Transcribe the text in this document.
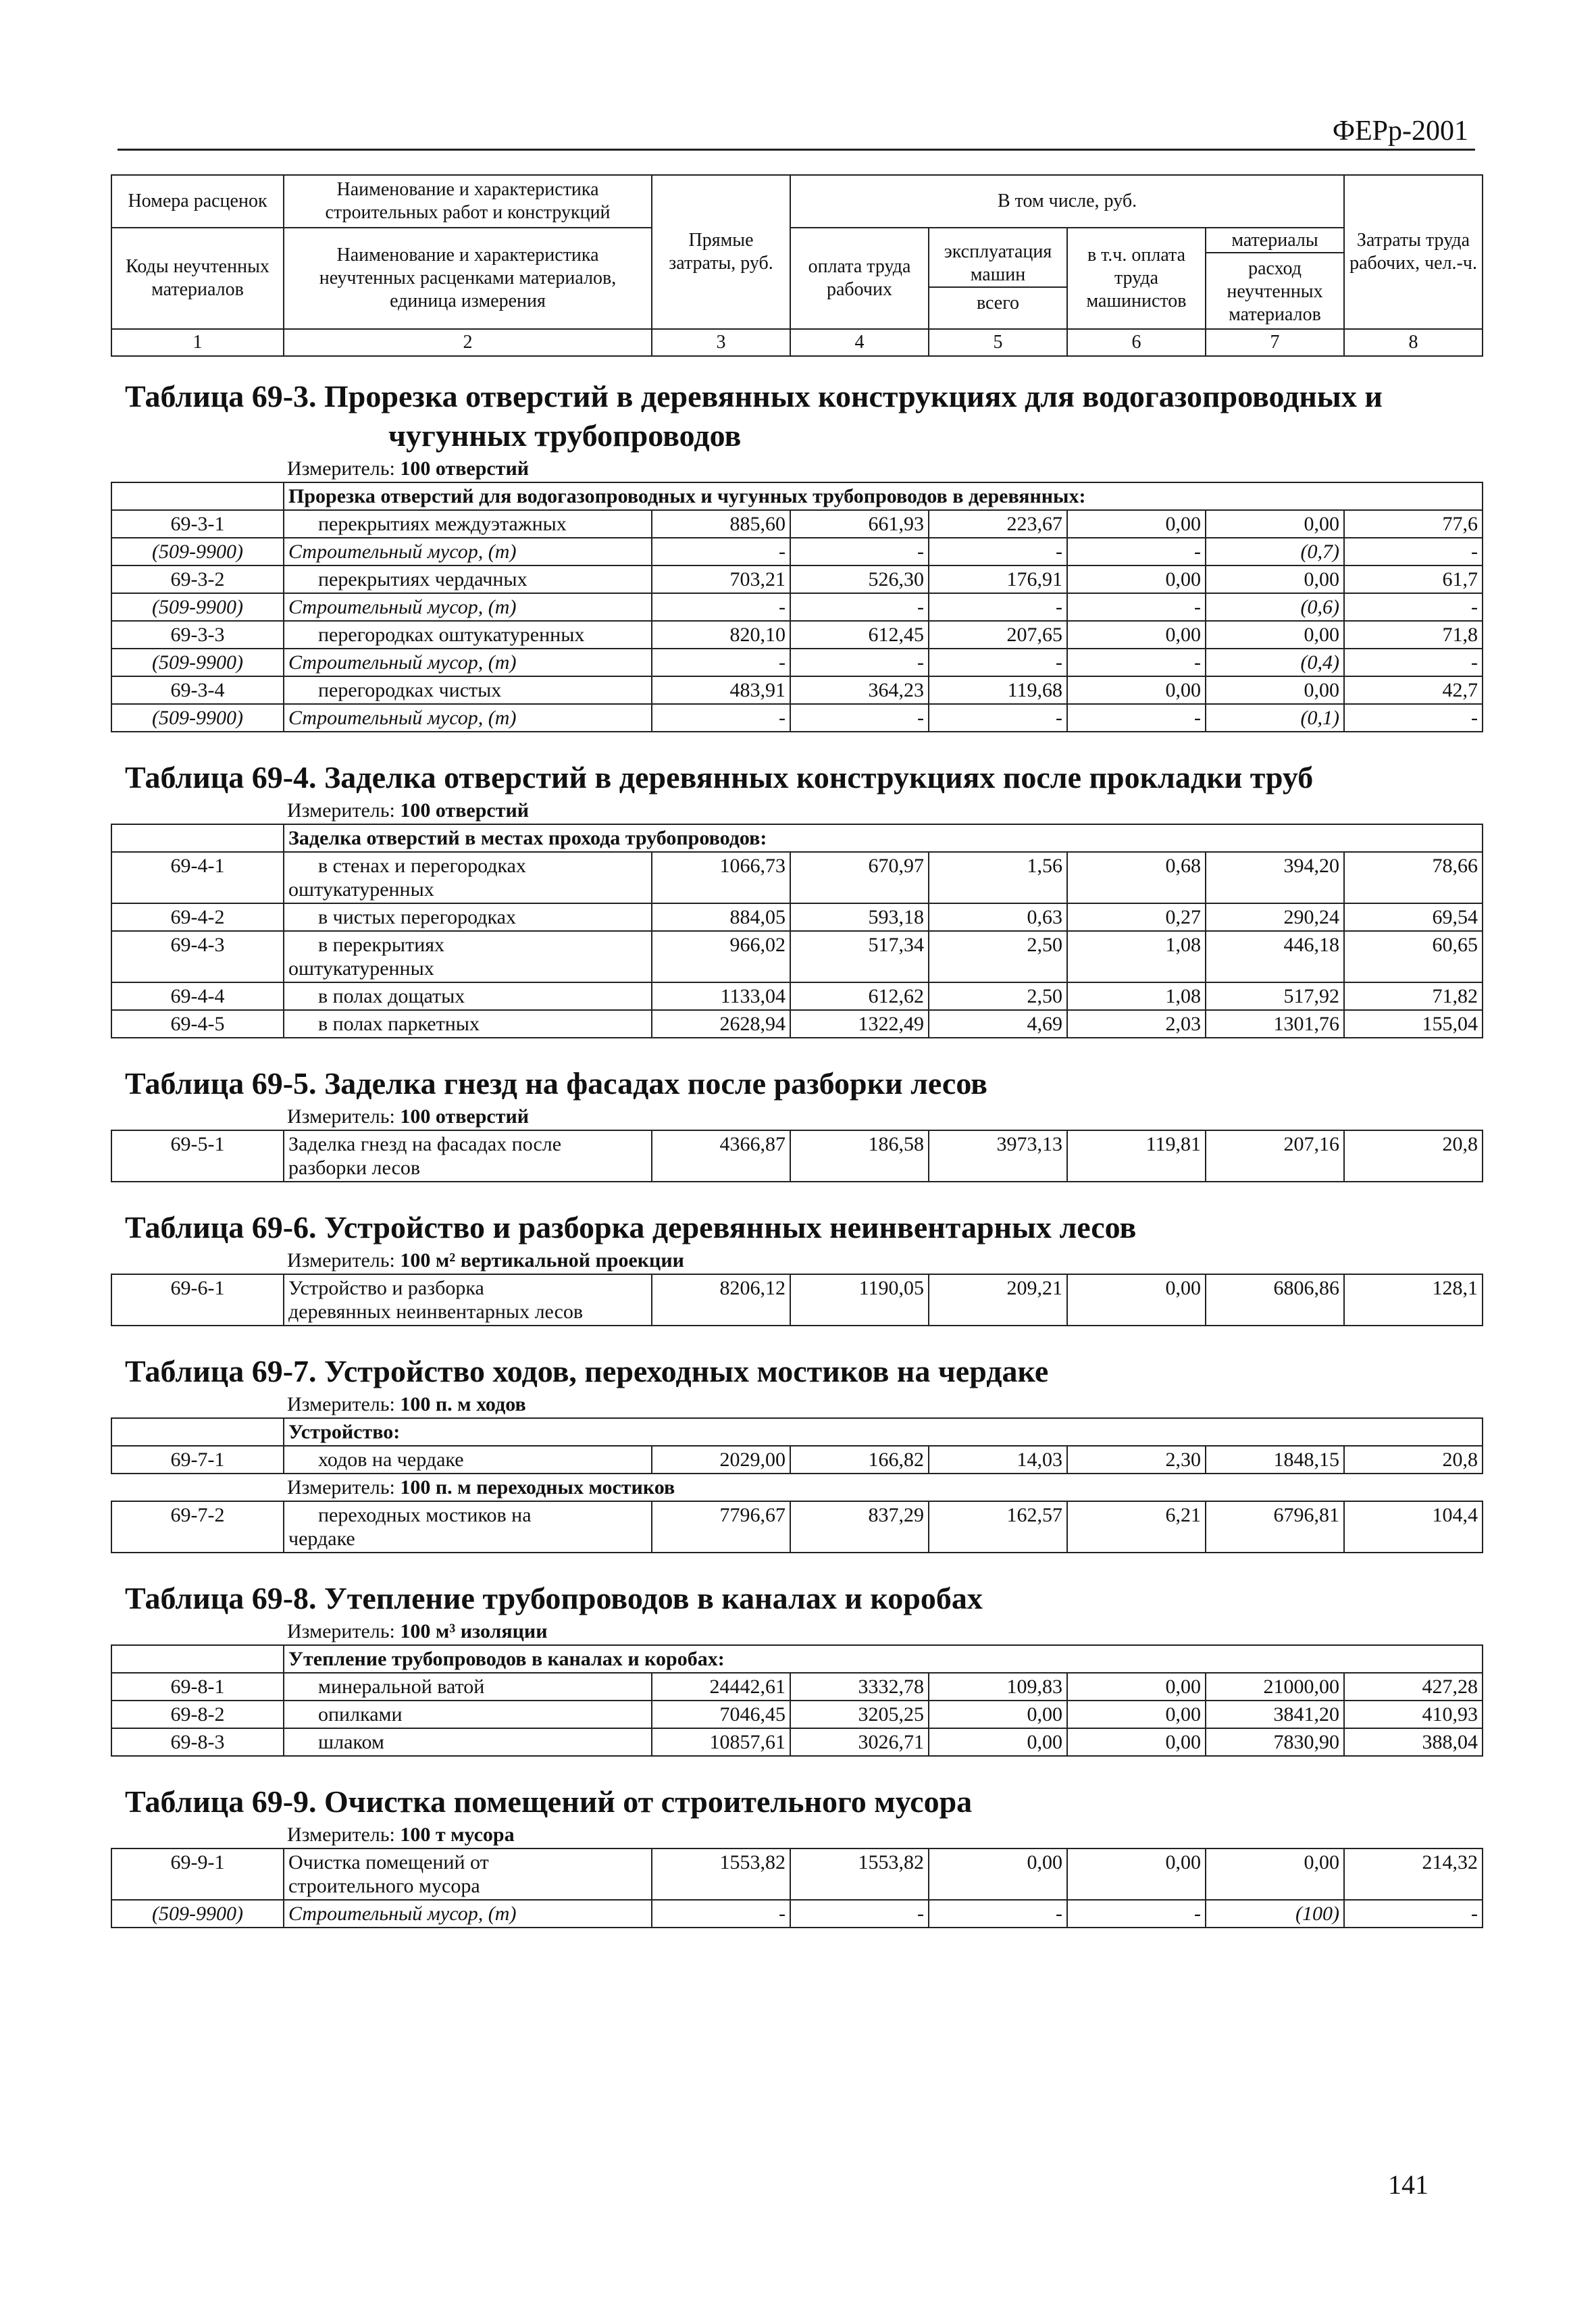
ФЕРр-2001
Номера расценок	Наименование и характеристика строительных работ и конструкций	Прямые затраты, руб.	В том числе, руб.				Затраты труда рабочих, чел.-ч.
Коды неучтенных материалов	Наименование и характеристика неучтенных расценками материалов, единица измерения		оплата труда рабочих	эксплуатация машин
всего	в т.ч. оплата труда машинистов	материалы
расход неучтенных материалов	
1	2	3	4	5	6	7	8
Таблица 69-3. Прорезка отверстий в деревянных конструкциях для водогазопроводных и
чугунных трубопроводов							

Измеритель: 100 отверстий							
	Прорезка отверстий для водогазопроводных и чугунных трубопроводов в деревянных:						
69-3-1	перекрытиях междуэтажных	885,60	661,93	223,67	0,00	0,00	77,6
(509-9900)	Строительный мусор, (т)	-	-	-	-	(0,7)	-
69-3-2	перекрытиях чердачных	703,21	526,30	176,91	0,00	0,00	61,7
(509-9900)	Строительный мусор, (т)	-	-	-	-	(0,6)	-
69-3-3	перегородках оштукатуренных	820,10	612,45	207,65	0,00	0,00	71,8
(509-9900)	Строительный мусор, (т)	-	-	-	-	(0,4)	-
69-3-4	перегородках чистых	483,91	364,23	119,68	0,00	0,00	42,7
(509-9900)	Строительный мусор, (т)	-	-	-	-	(0,1)	-
Таблица 69-4. Заделка отверстий в деревянных конструкциях после прокладки труб							
Измеритель: 100 отверстий							
	Заделка отверстий в местах прохода трубопроводов:						
69-4-1	в стенах и перегородках
оштукатуренных	1066,73	670,97	1,56	0,68	394,20	78,66
69-4-2	в чистых перегородках	884,05	593,18	0,63	0,27	290,24	69,54
69-4-3	в перекрытиях
оштукатуренных	966,02	517,34	2,50	1,08	446,18	60,65
69-4-4	в полах дощатых	1133,04	612,62	2,50	1,08	517,92	71,82
69-4-5	в полах паркетных	2628,94	1322,49	4,69	2,03	1301,76	155,04
Таблица 69-5. Заделка гнезд на фасадах после разборки лесов							
Измеритель: 100 отверстий							
69-5-1	Заделка гнезд на фасадах после
разборки лесов	4366,87	186,58	3973,13	119,81	207,16	20,8
Таблица 69-6. Устройство и разборка деревянных неинвентарных лесов							
Измеритель: 100 м² вертикальной проекции							
69-6-1	Устройство и разборка
деревянных неинвентарных лесов	8206,12	1190,05	209,21	0,00	6806,86	128,1
Таблица 69-7. Устройство ходов, переходных мостиков на чердаке							
Измеритель: 100 п. м ходов							
	Устройство:						
69-7-1	ходов на чердаке	2029,00	166,82	14,03	2,30	1848,15	20,8
Измеритель: 100 п. м переходных мостиков							
69-7-2	переходных мостиков на
чердаке	7796,67	837,29	162,57	6,21	6796,81	104,4
Таблица 69-8. Утепление трубопроводов в каналах и коробах							
Измеритель: 100 м³ изоляции							
	Утепление трубопроводов в каналах и коробах:						
69-8-1	минеральной ватой	24442,61	3332,78	109,83	0,00	21000,00	427,28
69-8-2	опилками	7046,45	3205,25	0,00	0,00	3841,20	410,93
69-8-3	шлаком	10857,61	3026,71	0,00	0,00	7830,90	388,04
Таблица 69-9. Очистка помещений от строительного мусора							
Измеритель: 100 т мусора							
69-9-1	Очистка помещений от
строительного мусора	1553,82	1553,82	0,00	0,00	0,00	214,32
(509-9900)	Строительный мусор, (т)	-	-	-	-	(100)	-
141
